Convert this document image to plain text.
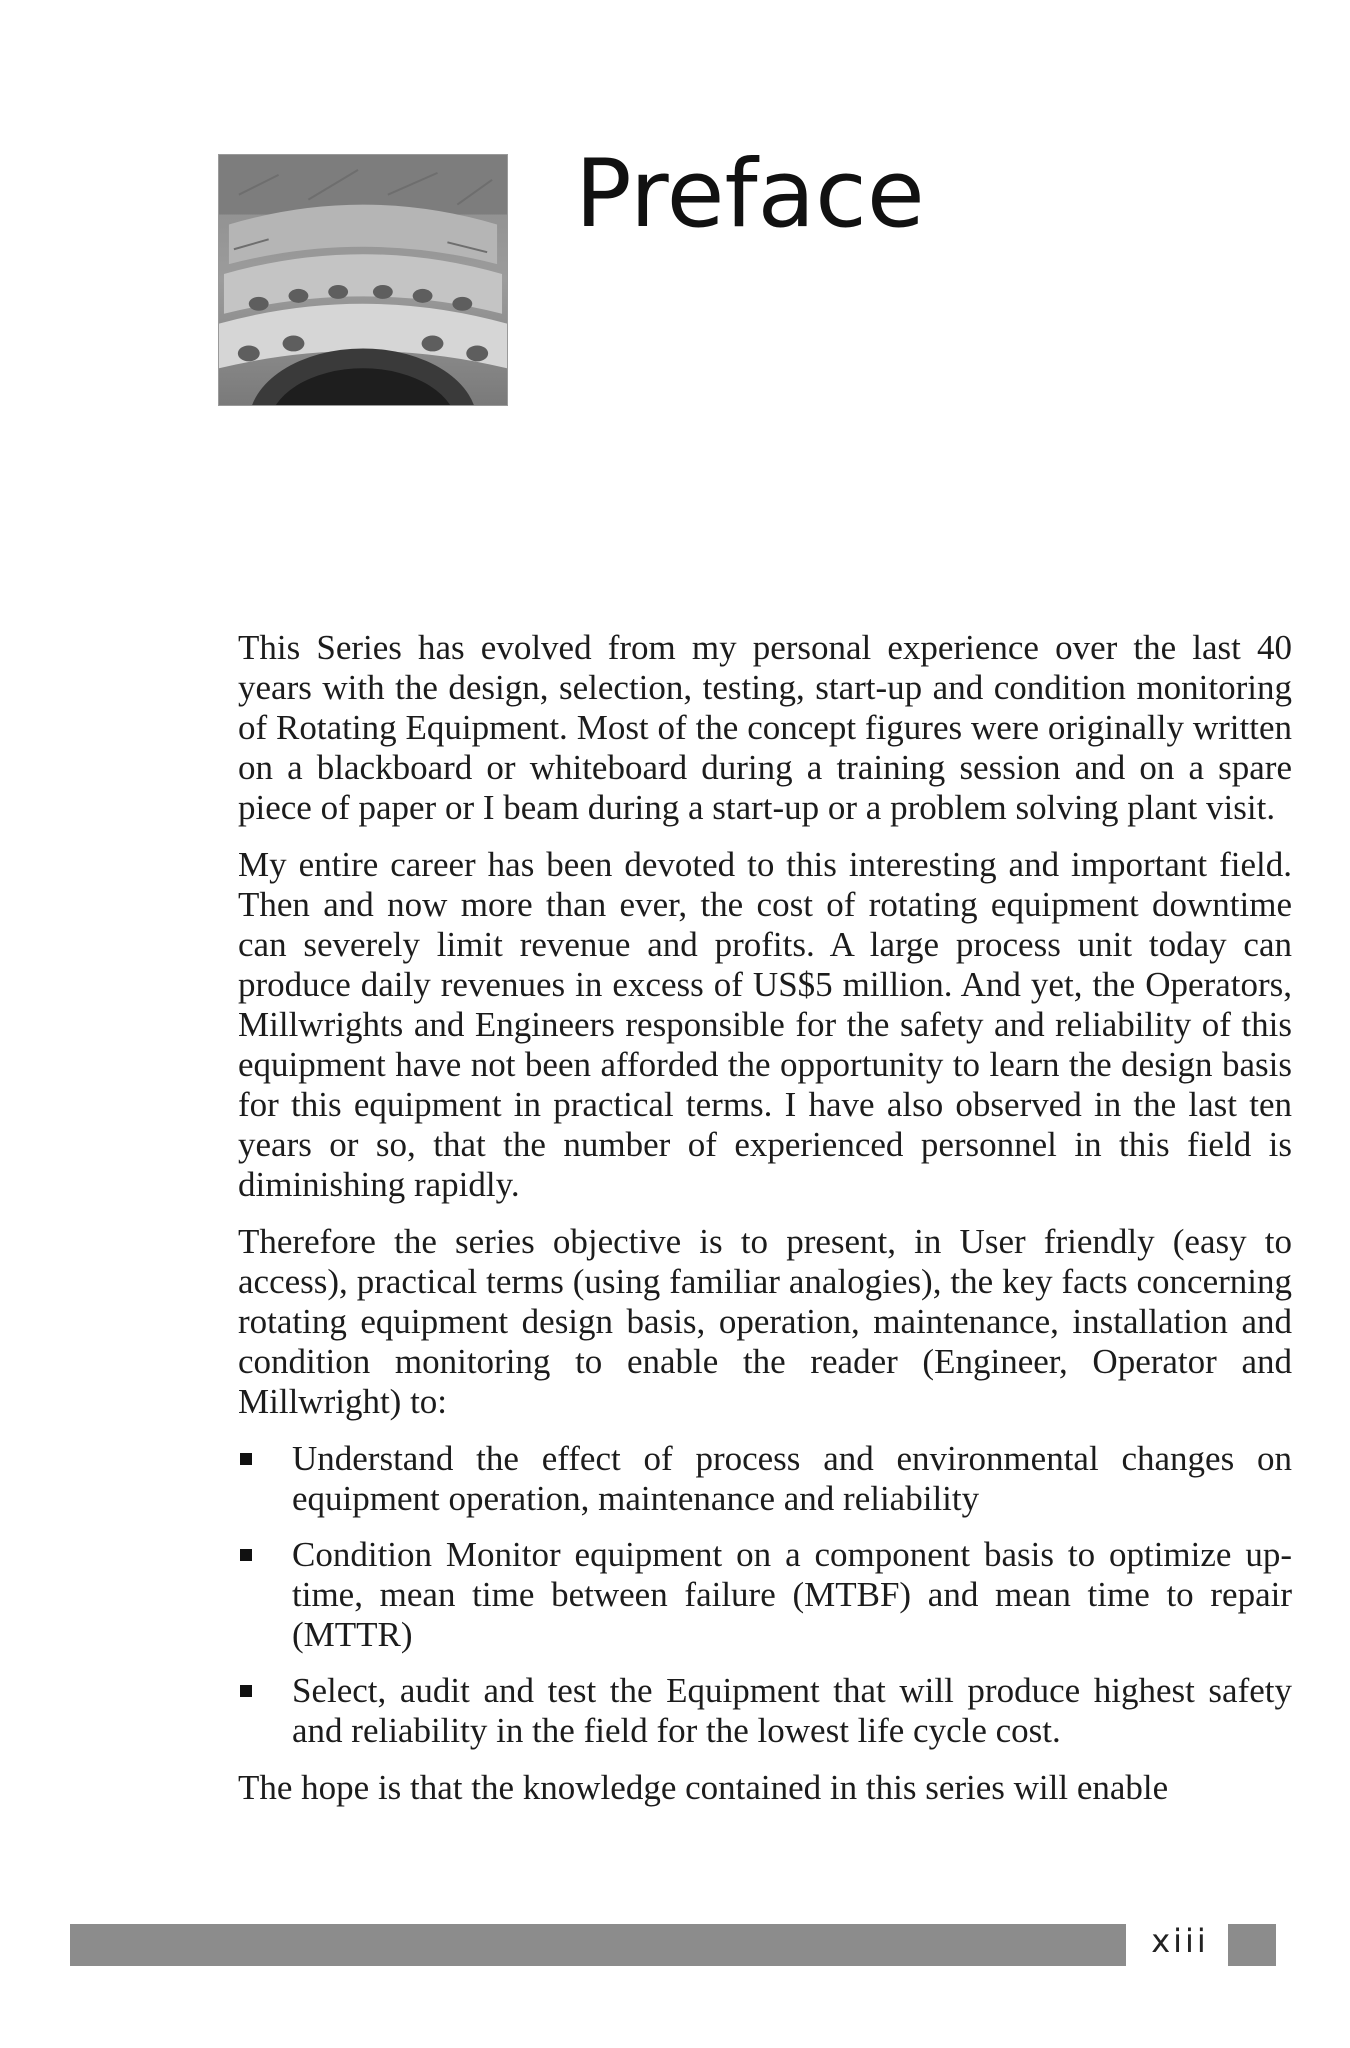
Preface

This Series has evolved from my personal experience over the last 40 years with the design, selection, testing, start-up and condition monitoring of Rotating Equipment. Most of the concept figures were originally written on a blackboard or whiteboard during a training session and on a spare piece of paper or I beam during a start-up or a problem solving plant visit.

My entire career has been devoted to this interesting and important field. Then and now more than ever, the cost of rotating equipment downtime can severely limit revenue and profits. A large process unit today can produce daily revenues in excess of US$5 million. And yet, the Operators, Millwrights and Engineers responsible for the safety and reliability of this equipment have not been afforded the opportunity to learn the design basis for this equipment in practical terms. I have also observed in the last ten years or so, that the number of experienced personnel in this field is diminishing rapidly.

Therefore the series objective is to present, in User friendly (easy to access), practical terms (using familiar analogies), the key facts concerning rotating equipment design basis, operation, maintenance, installation and condition monitoring to enable the reader (Engineer, Operator and Millwright) to:

Understand the effect of process and environmental changes on equipment operation, maintenance and reliability
Condition Monitor equipment on a component basis to optimize up-time, mean time between failure (MTBF) and mean time to repair (MTTR)
Select, audit and test the Equipment that will produce highest safety and reliability in the field for the lowest life cycle cost.

The hope is that the knowledge contained in this series will enable

xiii
